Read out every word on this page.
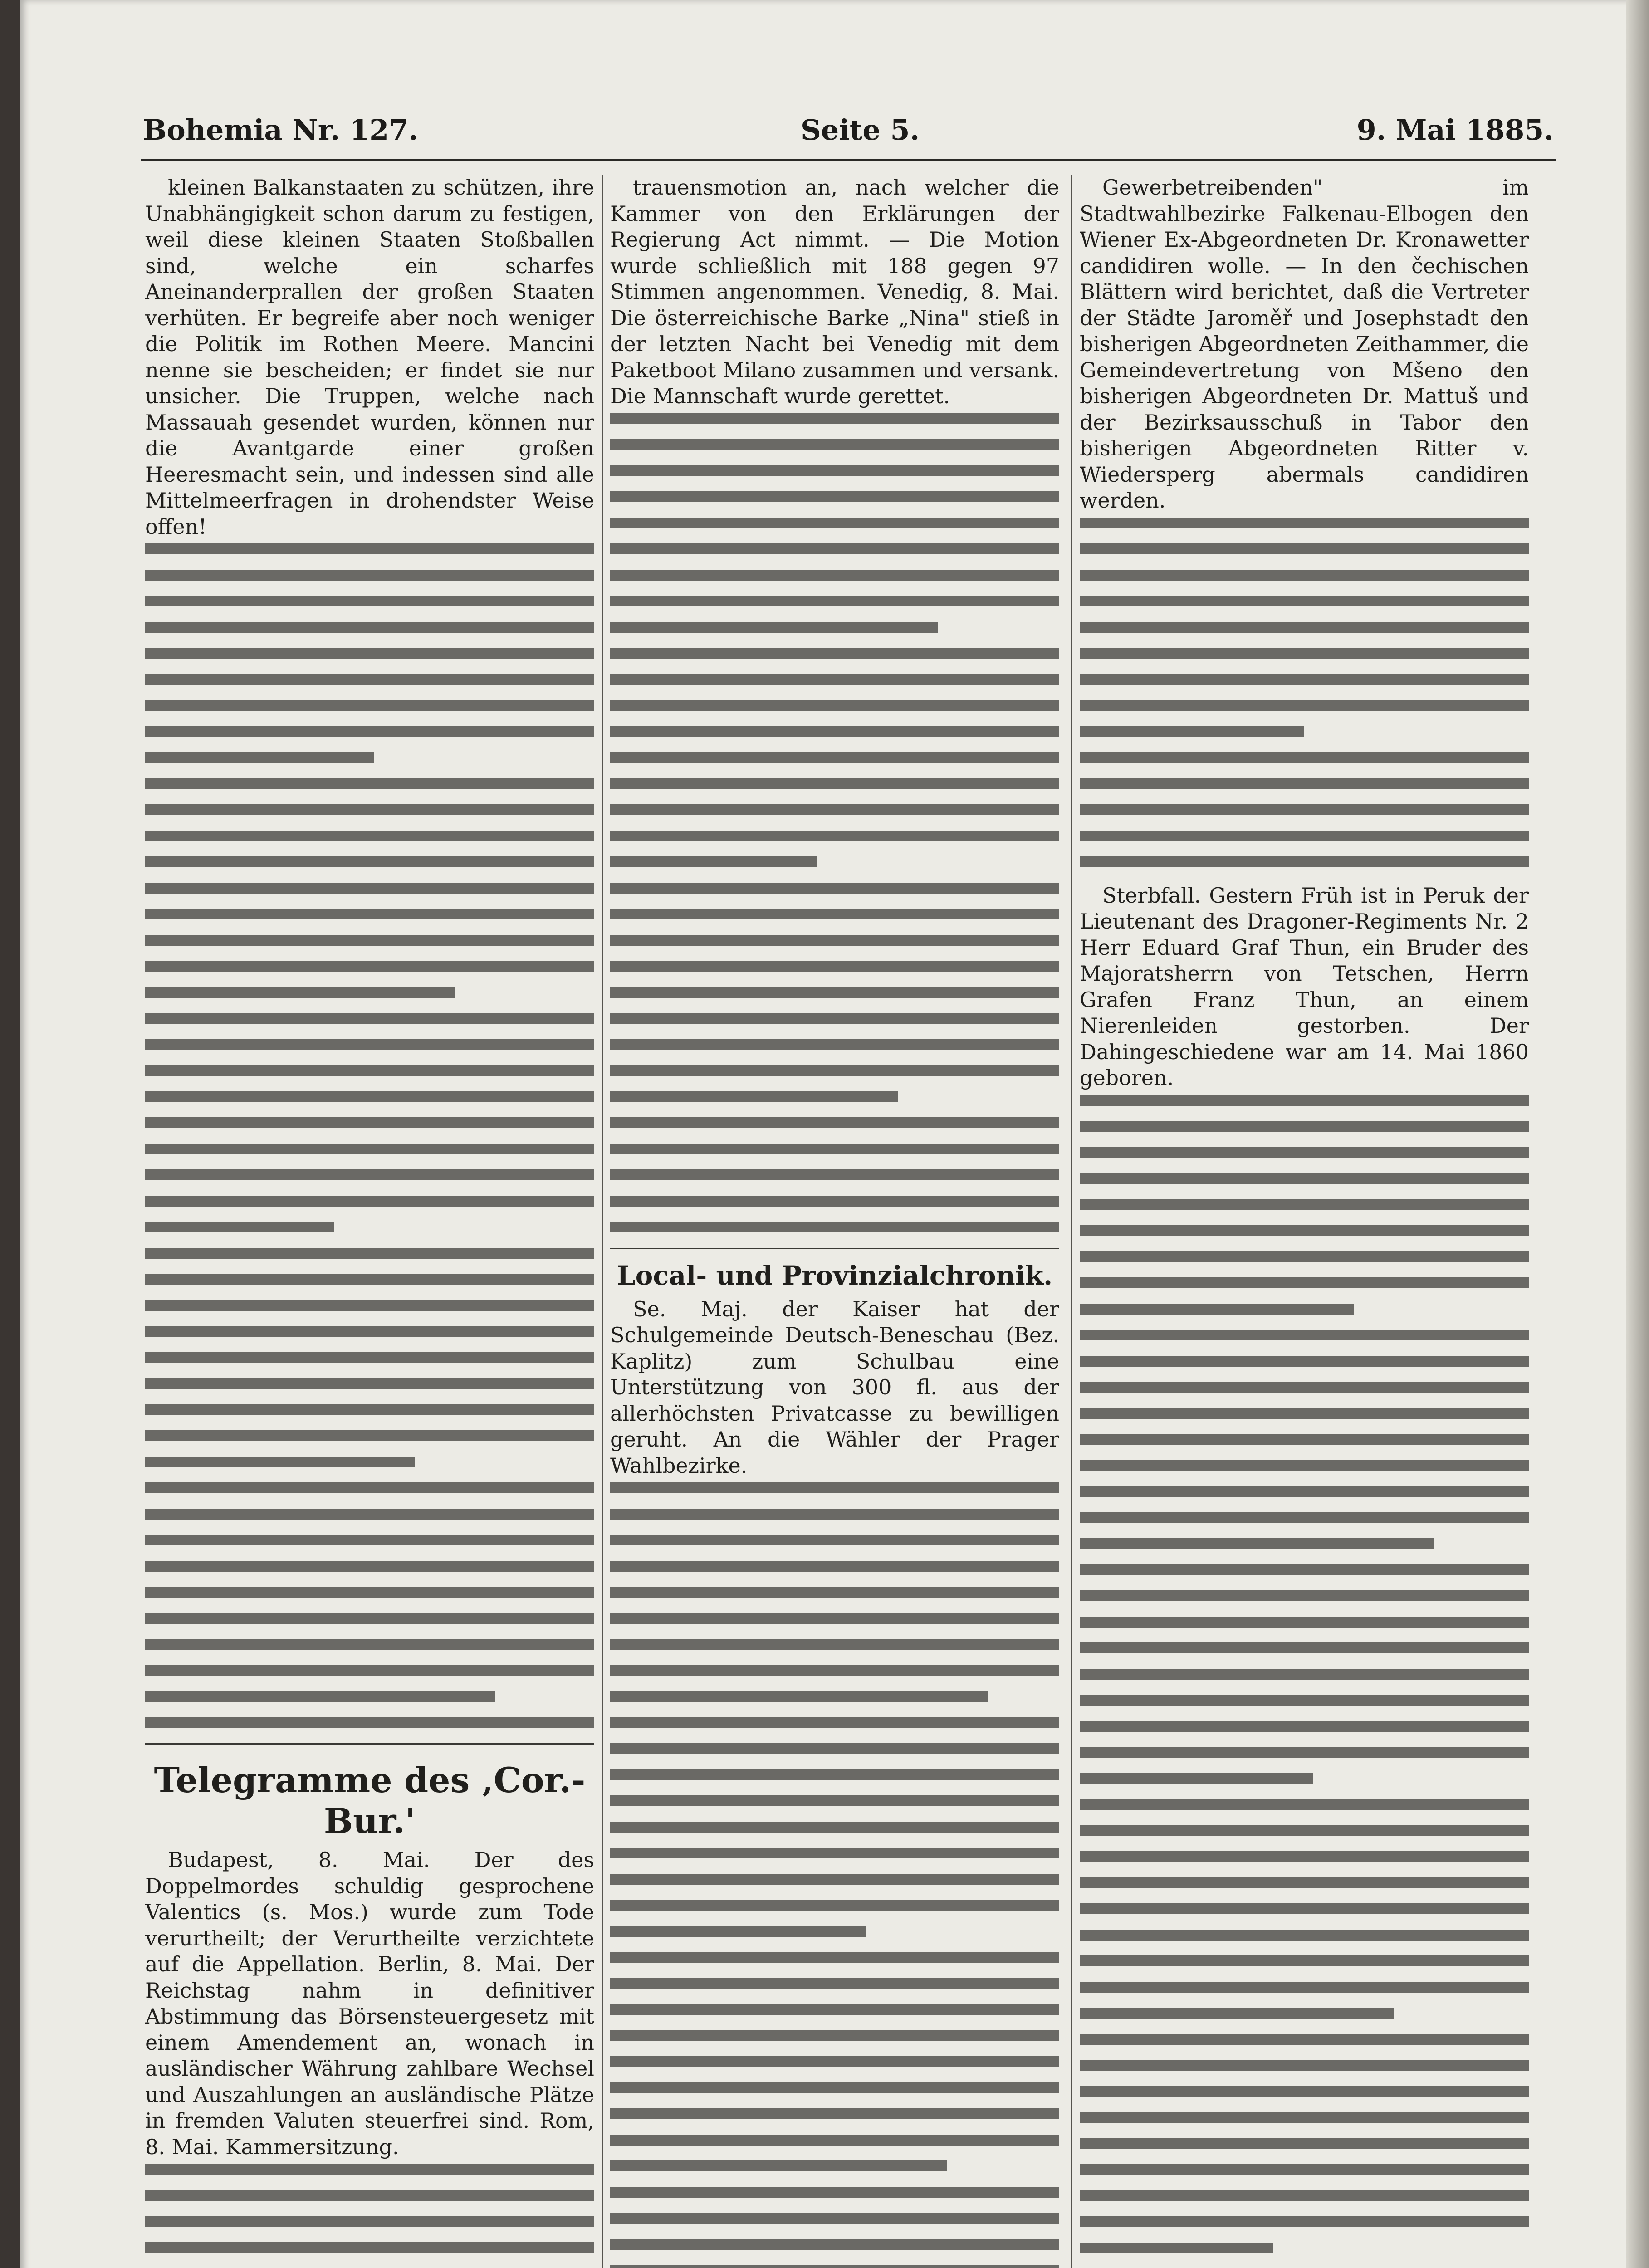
Bohemia Nr. 127.	Seite 5.	9. Mai 1885.

kleinen Balkanstaaten zu schützen, ihre Unabhängigkeit schon darum zu festigen, weil diese kleinen Staaten Stoßballen sind, welche ein scharfes Aneinanderprallen der großen Staaten verhüten. Er begreife aber noch weniger die Politik im Rothen Meere. Mancini nenne sie bescheiden; er findet sie nur unsicher. Die Truppen, welche nach Massauah gesendet wurden, können nur die Avantgarde einer großen Heeresmacht sein, und indessen sind alle Mittelmeerfragen in drohendster Weise offen!

Telegramme des ‚Cor.-Bur.'

Budapest, 8. Mai. Der des Doppelmordes schuldig gesprochene Valentics (s. Mos.) wurde zum Tode verurtheilt; der Verurtheilte verzichtete auf die Appellation. Berlin, 8. Mai. Der Reichstag nahm in definitiver Abstimmung das Börsensteuergesetz mit einem Amendement an, wonach in ausländischer Währung zahlbare Wechsel und Auszahlungen an ausländische Plätze in fremden Valuten steuerfrei sind. Rom, 8. Mai. Kammersitzung.

trauensmotion an, nach welcher die Kammer von den Erklärungen der Regierung Act nimmt. — Die Motion wurde schließlich mit 188 gegen 97 Stimmen angenommen. Venedig, 8. Mai. Die österreichische Barke „Nina" stieß in der letzten Nacht bei Venedig mit dem Paketboot Milano zusammen und versank. Die Mannschaft wurde gerettet.

Local- und Provinzialchronik.

Se. Maj. der Kaiser hat der Schulgemeinde Deutsch-Beneschau (Bez. Kaplitz) zum Schulbau eine Unterstützung von 300 fl. aus der allerhöchsten Privatcasse zu bewilligen geruht. An die Wähler der Prager Wahlbezirke.

Gewerbetreibenden" im Stadtwahlbezirke Falkenau-Elbogen den Wiener Ex-Abgeordneten Dr. Kronawetter candidiren wolle. — In den čechischen Blättern wird berichtet, daß die Vertreter der Städte Jaroměř und Josephstadt den bisherigen Abgeordneten Zeithammer, die Gemeindevertretung von Mšeno den bisherigen Abgeordneten Dr. Mattuš und der Bezirksausschuß in Tabor den bisherigen Abgeordneten Ritter v. Wiedersperg abermals candidiren werden.

Sterbfall. Gestern Früh ist in Peruk der Lieutenant des Dragoner-Regiments Nr. 2 Herr Eduard Graf Thun, ein Bruder des Majoratsherrn von Tetschen, Herrn Grafen Franz Thun, an einem Nierenleiden gestorben. Der Dahingeschiedene war am 14. Mai 1860 geboren.
